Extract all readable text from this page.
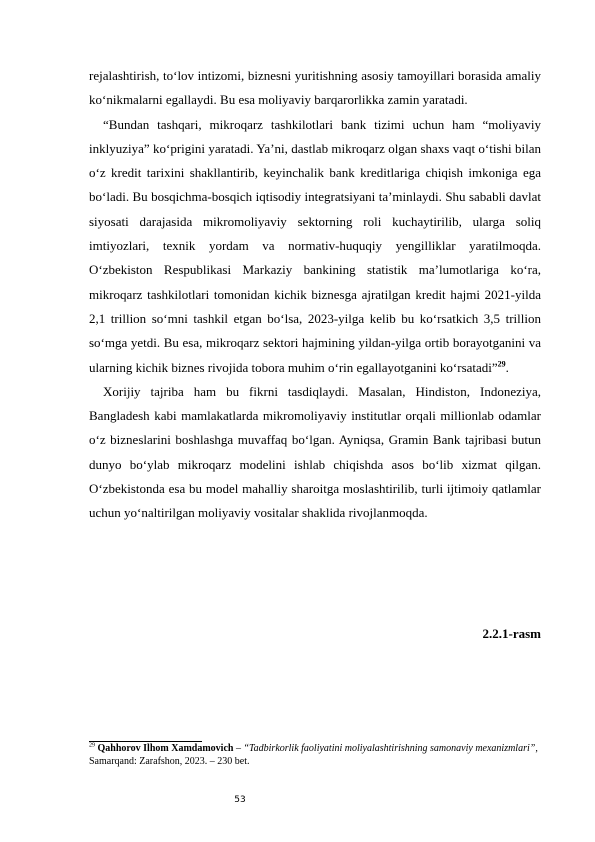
rejalashtirish, to‘lov intizomi, biznesni yuritishning asosiy tamoyillari borasida amaliy ko‘nikmalarni egallaydi. Bu esa moliyaviy barqarorlikka zamin yaratadi.

“Bundan tashqari, mikroqarz tashkilotlari bank tizimi uchun ham “moliyaviy inklyuziya” ko‘prigini yaratadi. Ya’ni, dastlab mikroqarz olgan shaxs vaqt o‘tishi bilan o‘z kredit tarixini shakllantirib, keyinchalik bank kreditlariga chiqish imkoniga ega bo‘ladi. Bu bosqichma-bosqich iqtisodiy integratsiyani ta’minlaydi. Shu sababli davlat siyosati darajasida mikromoliyaviy sektorning roli kuchaytirilib, ularga soliq imtiyozlari, texnik yordam va normativ-huquqiy yengilliklar yaratilmoqda. O‘zbekiston Respublikasi Markaziy bankining statistik ma’lumotlariga ko‘ra, mikroqarz tashkilotlari tomonidan kichik biznesga ajratilgan kredit hajmi 2021-yilda 2,1 trillion so‘mni tashkil etgan bo‘lsa, 2023-yilga kelib bu ko‘rsatkich 3,5 trillion so‘mga yetdi. Bu esa, mikroqarz sektori hajmining yildan-yilga ortib borayotganini va ularning kichik biznes rivojida tobora muhim o‘rin egallayotganini ko‘rsatadi”$^{29}$.

Xorijiy tajriba ham bu fikrni tasdiqlaydi. Masalan, Hindiston, Indoneziya, Bangladesh kabi mamlakatlarda mikromoliyaviy institutlar orqali millionlab odamlar o‘z bizneslarini boshlashga muvaffaq bo‘lgan. Ayniqsa, Gramin Bank tajribasi butun dunyo bo‘ylab mikroqarz modelini ishlab chiqishda asos bo‘lib xizmat qilgan. O‘zbekistonda esa bu model mahalliy sharoitga moslashtirilib, turli ijtimoiy qatlamlar uchun yo‘naltirilgan moliyaviy vositalar shaklida rivojlanmoqda.

2.2.1-rasm

$^{29}$ Qahhorov Ilhom Xamdamovich – “Tadbirkorlik faoliyatini moliyalashtirishning samonaviy mexanizmlari”, Samarqand: Zarafshon, 2023. – 230 bet.

53
